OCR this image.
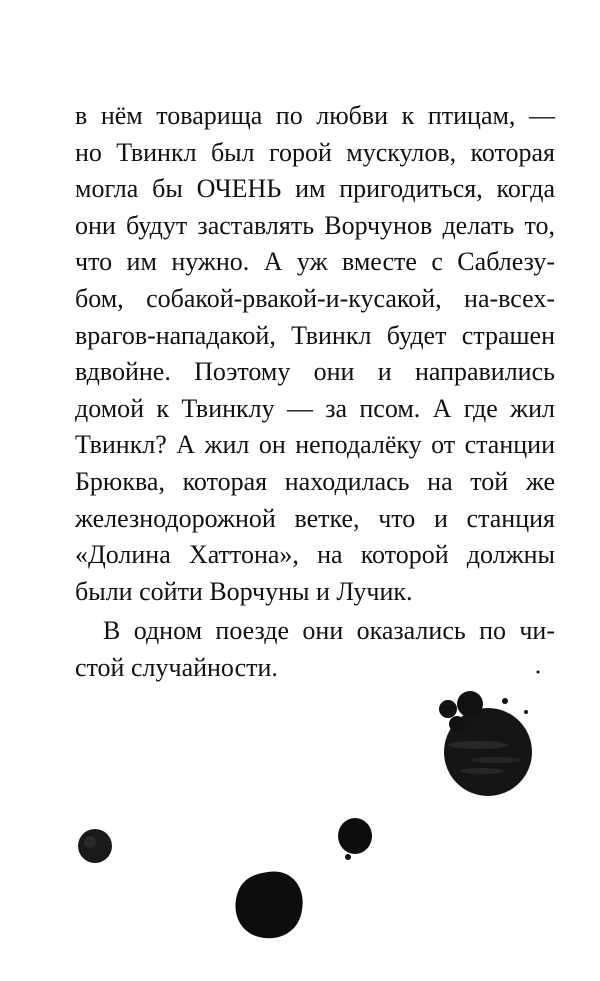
в нём товарища по любви к птицам, —
но Твинкл был горой мускулов, которая
могла бы ОЧЕНЬ им пригодиться, когда
они будут заставлять Ворчунов делать то,
что им нужно. А уж вместе с Саблезу-
бом, собакой-рвакой-и-кусакой, на-всех-
врагов-нападакой, Твинкл будет страшен
вдвойне. Поэтому они и направились
домой к Твинклу — за псом. А где жил
Твинкл? А жил он неподалёку от станции
Брюква, которая находилась на той же
железнодорожной ветке, что и станция
«Долина Хаттона», на которой должны
были сойти Ворчуны и Лучик.
В одном поезде они оказались по чи-
стой случайности.
